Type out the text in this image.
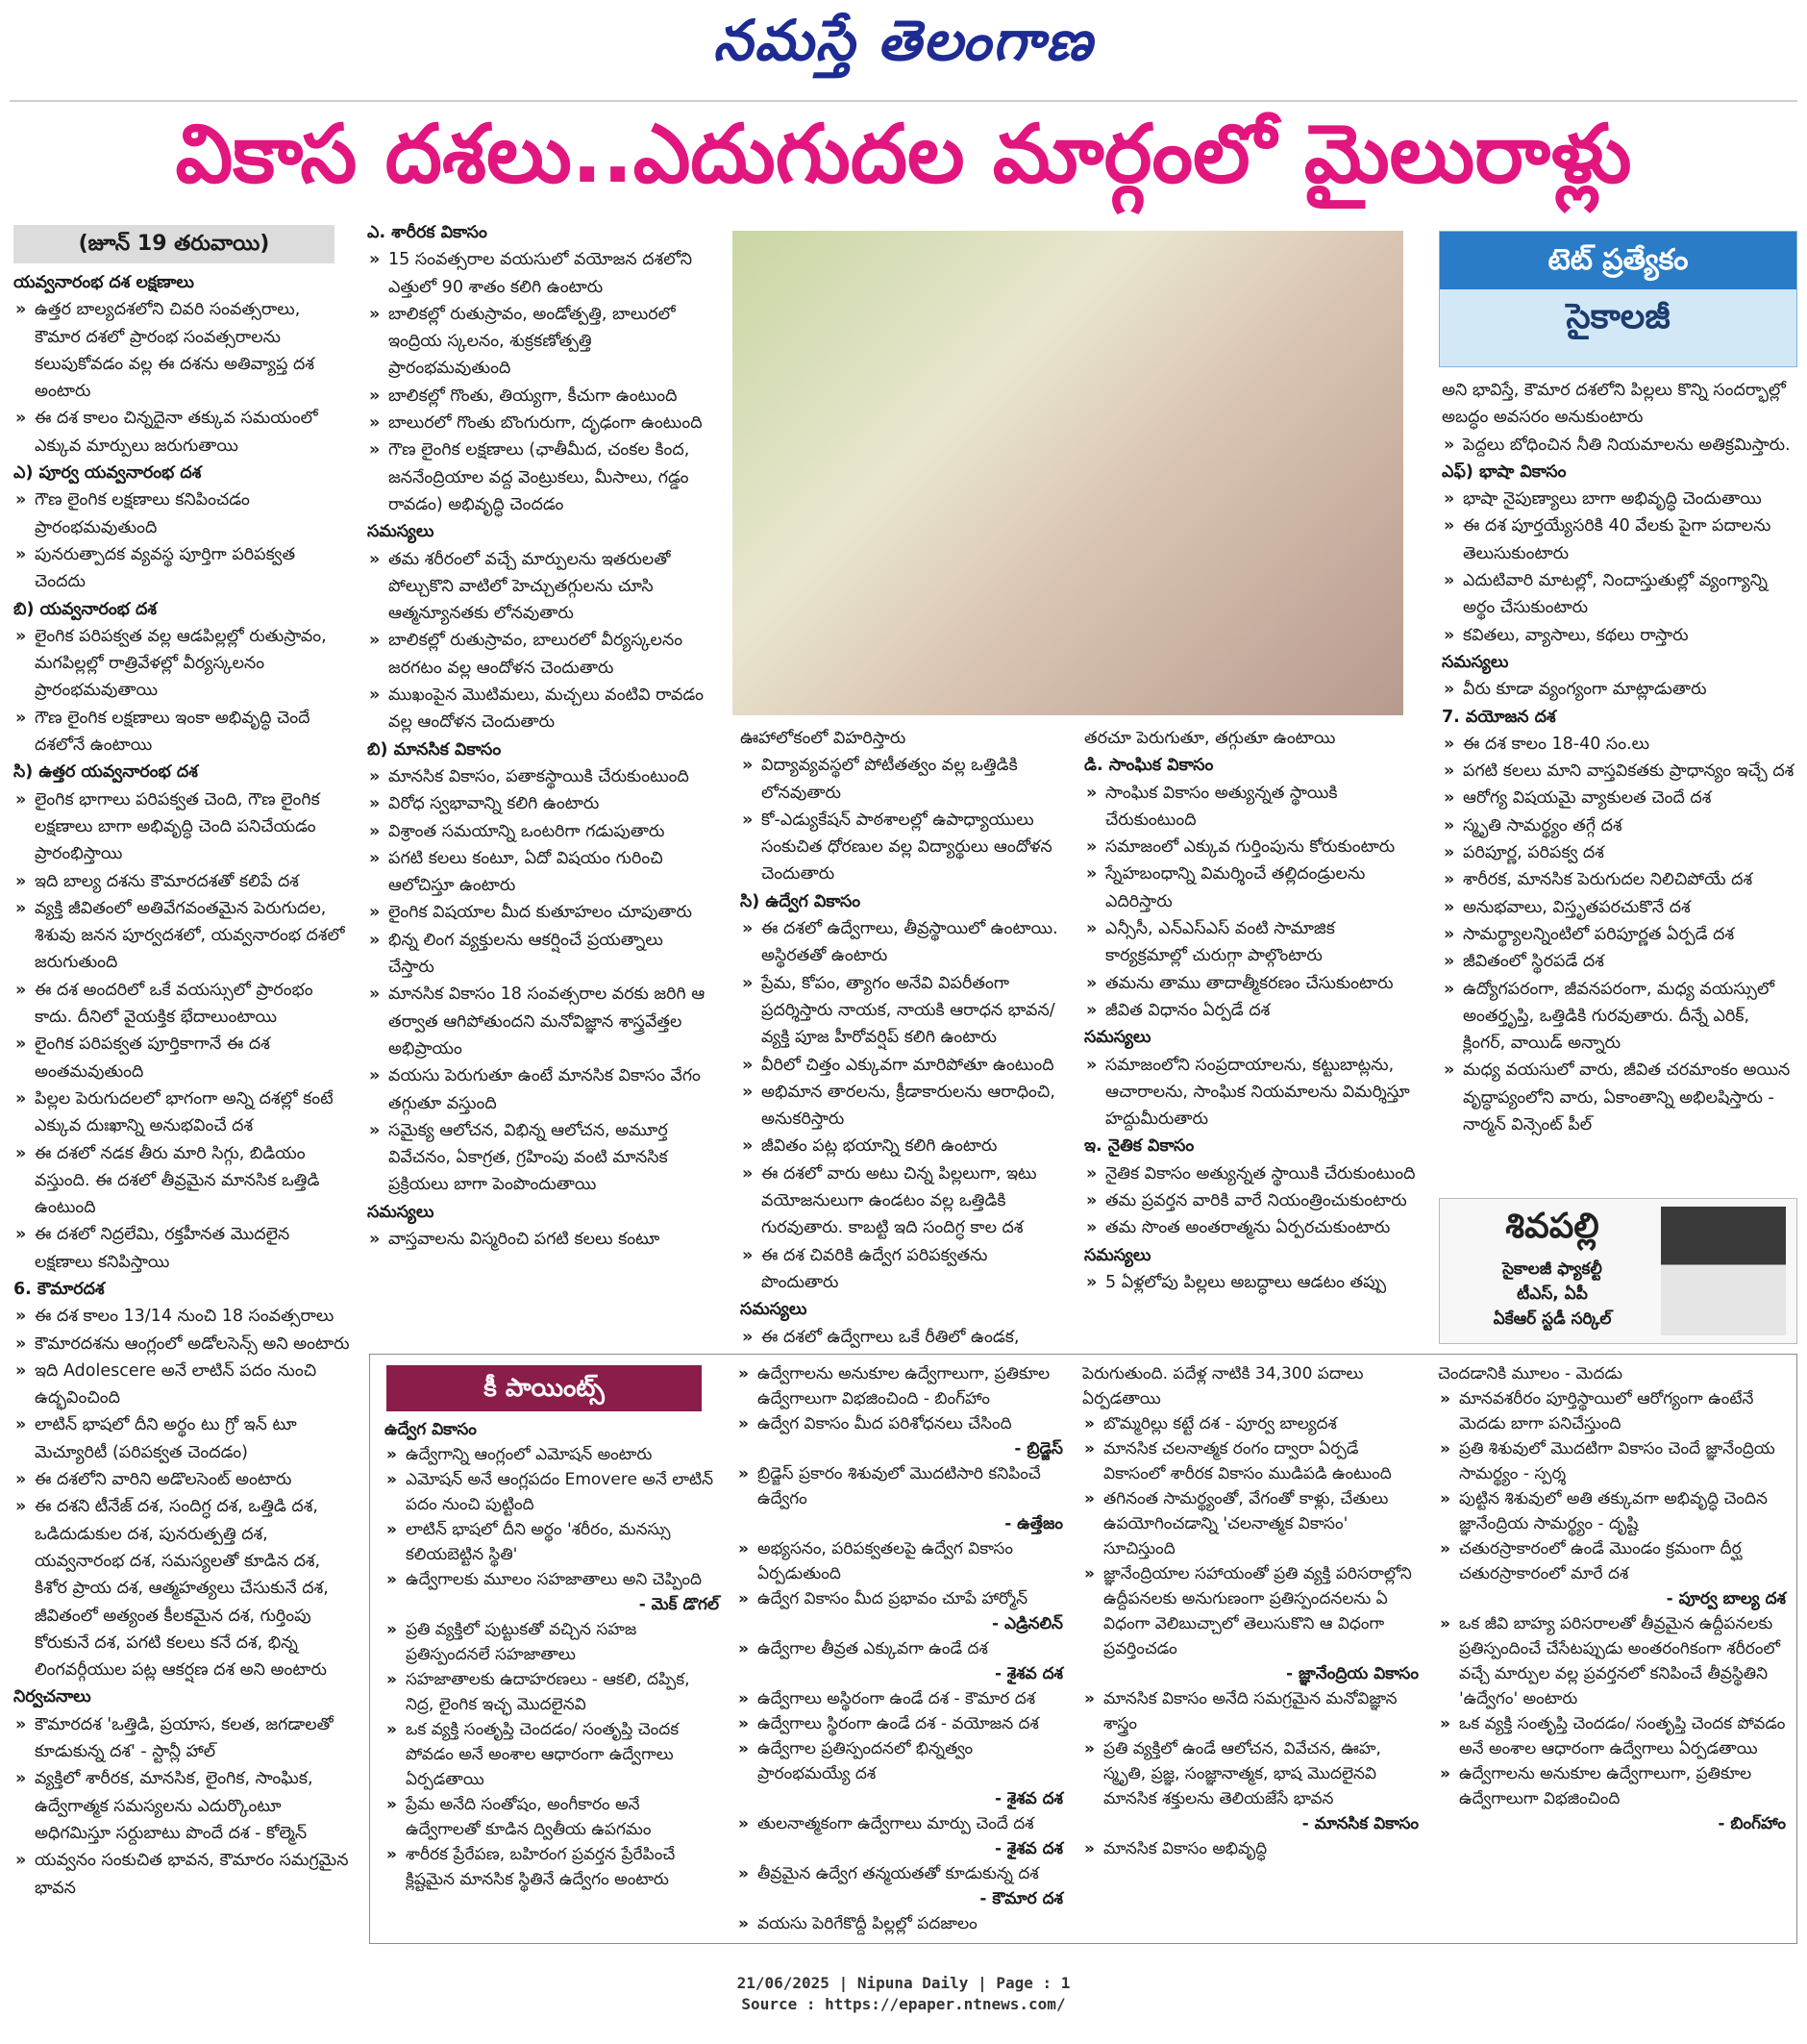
నమస్తే తెలంగాణ
వికాస దశలు..ఎదుగుదల మార్గంలో మైలురాళ్లు
(జూన్ 19 తరువాయి)
యవ్వనారంభ దశ లక్షణాలు
» ఉత్తర బాల్యదశలోని చివరి సంవత్సరాలు, కౌమార దశలో ప్రారంభ సంవత్సరాలను కలుపుకోవడం వల్ల ఈ దశను అతివ్యాప్త దశ అంటారు
» ఈ దశ కాలం చిన్నదైనా తక్కువ సమయంలో ఎక్కువ మార్పులు జరుగుతాయి
ఎ) పూర్వ యవ్వనారంభ దశ
» గౌణ లైంగిక లక్షణాలు కనిపించడం ప్రారంభమవుతుంది
» పునరుత్పాదక వ్యవస్థ పూర్తిగా పరిపక్వత చెందదు
బి) యవ్వనారంభ దశ
» లైంగిక పరిపక్వత వల్ల ఆడపిల్లల్లో రుతుస్రావం, మగపిల్లల్లో రాత్రివేళల్లో వీర్యస్కలనం ప్రారంభమవుతాయి
» గౌణ లైంగిక లక్షణాలు ఇంకా అభివృద్ధి చెందే దశలోనే ఉంటాయి
సి) ఉత్తర యవ్వనారంభ దశ
» లైంగిక భాగాలు పరిపక్వత చెంది, గౌణ లైంగిక లక్షణాలు బాగా అభివృద్ధి చెంది పనిచేయడం ప్రారంభిస్తాయి
» ఇది బాల్య దశను కౌమారదశతో కలిపే దశ
» వ్యక్తి జీవితంలో అతివేగవంతమైన పెరుగుదల, శిశువు జనన పూర్వదశలో, యవ్వనారంభ దశలో జరుగుతుంది
» ఈ దశ అందరిలో ఒకే వయస్సులో ప్రారంభం కాదు. దీనిలో వైయక్తిక భేదాలుంటాయి
» లైంగిక పరిపక్వత పూర్తికాగానే ఈ దశ అంతమవుతుంది
» పిల్లల పెరుగుదలలో భాగంగా అన్ని దశల్లో కంటే ఎక్కువ దుఃఖాన్ని అనుభవించే దశ
» ఈ దశలో నడక తీరు మారి సిగ్గు, బిడియం వస్తుంది. ఈ దశలో తీవ్రమైన మానసిక ఒత్తిడి ఉంటుంది
» ఈ దశలో నిద్రలేమి, రక్తహీనత మొదలైన లక్షణాలు కనిపిస్తాయి
6. కౌమారదశ
» ఈ దశ కాలం 13/14 నుంచి 18 సంవత్సరాలు
» కౌమారదశను ఆంగ్లంలో అడోలసెన్స్ అని అంటారు
» ఇది Adolescere అనే లాటిన్ పదం నుంచి ఉద్భవించింది
» లాటిన్ భాషలో దీని అర్థం టు గ్రో ఇన్ టూ మెచ్యూరిటీ (పరిపక్వత చెందడం)
» ఈ దశలోని వారిని అడొలసెంట్ అంటారు
» ఈ దశని టీనేజ్ దశ, సందిగ్ధ దశ, ఒత్తిడి దశ, ఒడిదుడుకుల దశ, పునరుత్పత్తి దశ, యవ్వనారంభ దశ, సమస్యలతో కూడిన దశ, కిశోర ప్రాయ దశ, ఆత్మహత్యలు చేసుకునే దశ, జీవితంలో అత్యంత కీలకమైన దశ, గుర్తింపు కోరుకునే దశ, పగటి కలలు కనే దశ, భిన్న లింగవర్గీయుల పట్ల ఆకర్షణ దశ అని అంటారు
నిర్వచనాలు
» కౌమారదశ 'ఒత్తిడి, ప్రయాస, కలత, జగడాలతో కూడుకున్న దశ' - స్టాన్లీ హాల్
» వ్యక్తిలో శారీరక, మానసిక, లైంగిక, సాంఘిక, ఉద్వేగాత్మక సమస్యలను ఎదుర్కొంటూ అధిగమిస్తూ సర్దుబాటు పొందే దశ - కోల్మెన్
» యవ్వనం సంకుచిత భావన, కౌమారం సమగ్రమైన భావన
ఎ. శారీరక వికాసం
» 15 సంవత్సరాల వయసులో వయోజన దశలోని ఎత్తులో 90 శాతం కలిగి ఉంటారు
» బాలికల్లో రుతుస్రావం, అండోత్పత్తి, బాలురలో ఇంద్రియ స్కలనం, శుక్రకణోత్పత్తి ప్రారంభమవుతుంది
» బాలికల్లో గొంతు, తియ్యగా, కీచుగా ఉంటుంది
» బాలురలో గొంతు బొంగురుగా, దృఢంగా ఉంటుంది
» గౌణ లైంగిక లక్షణాలు (ఛాతీమీద, చంకల కింద, జననేంద్రియాల వద్ద వెంట్రుకలు, మీసాలు, గడ్డం రావడం) అభివృద్ధి చెందడం
సమస్యలు
» తమ శరీరంలో వచ్చే మార్పులను ఇతరులతో పోల్చుకొని వాటిలో హెచ్చుతగ్గులను చూసి ఆత్మన్యూనతకు లోనవుతారు
» బాలికల్లో రుతుస్రావం, బాలురలో వీర్యస్కలనం జరగటం వల్ల ఆందోళన చెందుతారు
» ముఖంపైన మొటిమలు, మచ్చలు వంటివి రావడం వల్ల ఆందోళన చెందుతారు
బి) మానసిక వికాసం
» మానసిక వికాసం, పతాకస్థాయికి చేరుకుంటుంది
» విరోధ స్వభావాన్ని కలిగి ఉంటారు
» విశ్రాంత సమయాన్ని ఒంటరిగా గడుపుతారు
» పగటి కలలు కంటూ, ఏదో విషయం గురించి ఆలోచిస్తూ ఉంటారు
» లైంగిక విషయాల మీద కుతూహలం చూపుతారు
» భిన్న లింగ వ్యక్తులను ఆకర్షించే ప్రయత్నాలు చేస్తారు
» మానసిక వికాసం 18 సంవత్సరాల వరకు జరిగి ఆ తర్వాత ఆగిపోతుందని మనోవిజ్ఞాన శాస్త్రవేత్తల అభిప్రాయం
» వయసు పెరుగుతూ ఉంటే మానసిక వికాసం వేగం తగ్గుతూ వస్తుంది
» సమైక్య ఆలోచన, విభిన్న ఆలోచన, అమూర్త వివేచనం, ఏకాగ్రత, గ్రహింపు వంటి మానసిక ప్రక్రియలు బాగా పెంపొందుతాయి
సమస్యలు
» వాస్తవాలను విస్మరించి పగటి కలలు కంటూ
ఊహాలోకంలో విహరిస్తారు
» విద్యావ్యవస్థలో పోటీతత్వం వల్ల ఒత్తిడికి లోనవుతారు
» కో-ఎడ్యుకేషన్ పాఠశాలల్లో ఉపాధ్యాయులు సంకుచిత ధోరణుల వల్ల విద్యార్థులు ఆందోళన చెందుతారు
సి) ఉద్వేగ వికాసం
» ఈ దశలో ఉద్వేగాలు, తీవ్రస్థాయిలో ఉంటాయి. అస్థిరతతో ఉంటారు
» ప్రేమ, కోపం, త్యాగం అనేవి విపరీతంగా ప్రదర్శిస్తారు నాయక, నాయకి ఆరాధన భావన/వ్యక్తి పూజ హీరోవర్షిప్ కలిగి ఉంటారు
» వీరిలో చిత్తం ఎక్కువగా మారిపోతూ ఉంటుంది
» అభిమాన తారలను, క్రీడాకారులను ఆరాధించి, అనుకరిస్తారు
» జీవితం పట్ల భయాన్ని కలిగి ఉంటారు
» ఈ దశలో వారు అటు చిన్న పిల్లలుగా, ఇటు వయోజనులుగా ఉండటం వల్ల ఒత్తిడికి గురవుతారు. కాబట్టి ఇది సందిగ్ధ కాల దశ
» ఈ దశ చివరికి ఉద్వేగ పరిపక్వతను పొందుతారు
సమస్యలు
» ఈ దశలో ఉద్వేగాలు ఒకే రీతిలో ఉండక,
తరచూ పెరుగుతూ, తగ్గుతూ ఉంటాయి
డి. సాంఘిక వికాసం
» సాంఘిక వికాసం అత్యున్నత స్థాయికి చేరుకుంటుంది
» సమాజంలో ఎక్కువ గుర్తింపును కోరుకుంటారు
» స్నేహబంధాన్ని విమర్శించే తల్లిదండ్రులను ఎదిరిస్తారు
» ఎన్సీసీ, ఎన్ఎస్ఎస్ వంటి సామాజిక కార్యక్రమాల్లో చురుగ్గా పాల్గొంటారు
» తమను తాము తాదాత్మీకరణం చేసుకుంటారు
» జీవిత విధానం ఏర్పడే దశ
సమస్యలు
» సమాజంలోని సంప్రదాయాలను, కట్టుబాట్లను, ఆచారాలను, సాంఘిక నియమాలను విమర్శిస్తూ హద్దుమీరుతారు
ఇ. నైతిక వికాసం
» నైతిక వికాసం అత్యున్నత స్థాయికి చేరుకుంటుంది
» తమ ప్రవర్తన వారికి వారే నియంత్రించుకుంటారు
» తమ సొంత అంతరాత్మను ఏర్పరచుకుంటారు
సమస్యలు
» 5 ఏళ్లలోపు పిల్లలు అబద్ధాలు ఆడటం తప్పు
టెట్ ప్రత్యేకం
సైకాలజీ
అని భావిస్తే, కౌమార దశలోని పిల్లలు కొన్ని సందర్భాల్లో అబద్ధం అవసరం అనుకుంటారు
» పెద్దలు బోధించిన నీతి నియమాలను అతిక్రమిస్తారు.
ఎఫ్) భాషా వికాసం
» భాషా నైపుణ్యాలు బాగా అభివృద్ధి చెందుతాయి
» ఈ దశ పూర్తయ్యేసరికి 40 వేలకు పైగా పదాలను తెలుసుకుంటారు
» ఎదుటివారి మాటల్లో, నిందాస్తుతుల్లో వ్యంగ్యాన్ని అర్థం చేసుకుంటారు
» కవితలు, వ్యాసాలు, కథలు రాస్తారు
సమస్యలు
» వీరు కూడా వ్యంగ్యంగా మాట్లాడుతారు
7. వయోజన దశ
» ఈ దశ కాలం 18-40 సం.లు
» పగటి కలలు మాని వాస్తవికతకు ప్రాధాన్యం ఇచ్చే దశ
» ఆరోగ్య విషయమై వ్యాకులత చెందే దశ
» స్మృతి సామర్థ్యం తగ్గే దశ
» పరిపూర్ణ, పరిపక్వ దశ
» శారీరక, మానసిక పెరుగుదల నిలిచిపోయే దశ
» అనుభవాలు, విస్తృతపరచుకొనే దశ
» సామర్థ్యాలన్నింటిలో పరిపూర్ణత ఏర్పడే దశ
» జీవితంలో స్థిరపడే దశ
» ఉద్యోగపరంగా, జీవనపరంగా, మధ్య వయస్సులో అంతర్తృప్తి, ఒత్తిడికి గురవుతారు. దీన్నే ఎరిక్, క్లింగర్, వాయిడ్ అన్నారు
» మధ్య వయసులో వారు, జీవిత చరమాంకం అయిన వృద్ధాప్యంలోని వారు, ఏకాంతాన్ని అభిలషిస్తారు - నార్మన్ విన్సెంట్ పీల్
శివపల్లి
సైకాలజీ ఫ్యాకల్టీ
టీఎస్, ఏపీ
ఏకేఆర్ స్టడీ సర్కిల్
కీ పాయింట్స్
ఉద్వేగ వికాసం
» ఉద్వేగాన్ని ఆంగ్లంలో ఎమోషన్ అంటారు
» ఎమోషన్ అనే ఆంగ్లపదం Emovere అనే లాటిన్ పదం నుంచి పుట్టింది
» లాటిన్ భాషలో దీని అర్థం 'శరీరం, మనస్సు కలియబెట్టిన స్థితి'
» ఉద్వేగాలకు మూలం సహజాతాలు అని చెప్పింది
- మెక్ డొగల్
» ప్రతి వ్యక్తిలో పుట్టుకతో వచ్చిన సహజ ప్రతిస్పందనలే సహజాతాలు
» సహజాతాలకు ఉదాహరణలు - ఆకలి, దప్పిక, నిద్ర, లైంగిక ఇచ్ఛ మొదలైనవి
» ఒక వ్యక్తి సంతృప్తి చెందడం/ సంతృప్తి చెందక పోవడం అనే అంశాల ఆధారంగా ఉద్వేగాలు ఏర్పడతాయి
» ప్రేమ అనేది సంతోషం, అంగీకారం అనే ఉద్వేగాలతో కూడిన ద్వితీయ ఉపగమం
» శారీరక ప్రేరేపణ, బహిరంగ ప్రవర్తన ప్రేరేపించే క్లిష్టమైన మానసిక స్థితినే ఉద్వేగం అంటారు
» ఉద్వేగాలను అనుకూల ఉద్వేగాలుగా, ప్రతికూల ఉద్వేగాలుగా విభజించింది - బింగ్‌హాం
» ఉద్వేగ వికాసం మీద పరిశోధనలు చేసింది
- బ్రిడ్జెస్
» బ్రిడ్జెస్ ప్రకారం శిశువులో మొదటిసారి కనిపించే ఉద్వేగం
- ఉత్తేజం
» అభ్యసనం, పరిపక్వతలపై ఉద్వేగ వికాసం ఏర్పడుతుంది
» ఉద్వేగ వికాసం మీద ప్రభావం చూపే హార్మోన్
- ఎడ్రినలిన్
» ఉద్వేగాల తీవ్రత ఎక్కువగా ఉండే దశ
- శైశవ దశ
» ఉద్వేగాలు అస్థిరంగా ఉండే దశ - కౌమార దశ
» ఉద్వేగాలు స్థిరంగా ఉండే దశ - వయోజన దశ
» ఉద్వేగాల ప్రతిస్పందనలో భిన్నత్వం ప్రారంభమయ్యే దశ
- శైశవ దశ
» తులనాత్మకంగా ఉద్వేగాలు మార్పు చెందే దశ
- శైశవ దశ
» తీవ్రమైన ఉద్వేగ తన్మయతతో కూడుకున్న దశ
- కౌమార దశ
» వయసు పెరిగేకొద్దీ పిల్లల్లో పదజాలం
పెరుగుతుంది. పదేళ్ల నాటికి 34,300 పదాలు ఏర్పడతాయి
» బొమ్మరిల్లు కట్టే దశ - పూర్వ బాల్యదశ
» మానసిక చలనాత్మక రంగం ద్వారా ఏర్పడే వికాసంలో శారీరక వికాసం ముడిపడి ఉంటుంది
» తగినంత సామర్థ్యంతో, వేగంతో కాళ్లు, చేతులు ఉపయోగించడాన్ని 'చలనాత్మక వికాసం' సూచిస్తుంది
» జ్ఞానేంద్రియాల సహాయంతో ప్రతి వ్యక్తి పరిసరాల్లోని ఉద్దీపనలకు అనుగుణంగా ప్రతిస్పందనలను ఏ విధంగా వెలిబుచ్చాలో తెలుసుకొని ఆ విధంగా ప్రవర్తించడం
- జ్ఞానేంద్రియ వికాసం
» మానసిక వికాసం అనేది సమగ్రమైన మనోవిజ్ఞాన శాస్త్రం
» ప్రతి వ్యక్తిలో ఉండే ఆలోచన, వివేచన, ఊహ, స్మృతి, ప్రజ్ఞ, సంజ్ఞానాత్మక, భాష మొదలైనవి మానసిక శక్తులను తెలియజేసే భావన
- మానసిక వికాసం
» మానసిక వికాసం అభివృద్ధి
చెందడానికి మూలం - మెదడు
» మానవశరీరం పూర్తిస్థాయిలో ఆరోగ్యంగా ఉంటేనే మెదడు బాగా పనిచేస్తుంది
» ప్రతి శిశువులో మొదటిగా వికాసం చెందే జ్ఞానేంద్రియ సామర్థ్యం - స్పర్శ
» పుట్టిన శిశువులో అతి తక్కువగా అభివృద్ధి చెందిన జ్ఞానేంద్రియ సామర్థ్యం - దృష్టి
» చతురస్రాకారంలో ఉండే మొండం క్రమంగా దీర్ఘ చతురస్రాకారంలో మారే దశ
- పూర్వ బాల్య దశ
» ఒక జీవి బాహ్య పరిసరాలతో తీవ్రమైన ఉద్దీపనలకు ప్రతిస్పందించే చేసేటప్పుడు అంతరంగికంగా శరీరంలో వచ్చే మార్పుల వల్ల ప్రవర్తనలో కనిపించే తీవ్రస్థితిని 'ఉద్వేగం' అంటారు
» ఒక వ్యక్తి సంతృప్తి చెందడం/ సంతృప్తి చెందక పోవడం అనే అంశాల ఆధారంగా ఉద్వేగాలు ఏర్పడతాయి
» ఉద్వేగాలను అనుకూల ఉద్వేగాలుగా, ప్రతికూల ఉద్వేగాలుగా విభజించింది
- బింగ్‌హాం
21/06/2025 | Nipuna Daily | Page : 1
Source : https://epaper.ntnews.com/
